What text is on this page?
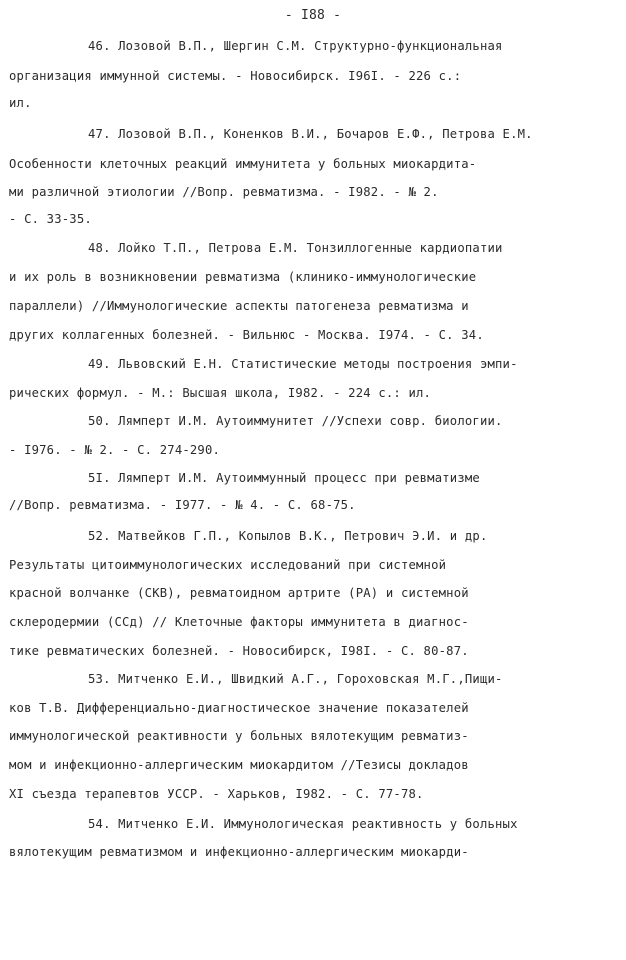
- I88 -
46. Лозовой В.П., Шергин С.М. Структурно-функциональная
организация иммунной системы. - Новосибирск. I96I. - 226 с.:
ил.
47. Лозовой В.П., Коненков В.И., Бочаров Е.Ф., Петрова Е.М.
Особенности клеточных реакций иммунитета у больных миокардита-
ми различной этиологии //Вопр. ревматизма. - I982. - № 2.
- С. 33-35.
48. Лойко Т.П., Петрова Е.М. Тонзиллогенные кардиопатии
и их роль в возникновении ревматизма (клинико-иммунологические
параллели) //Иммунологические аспекты патогенеза ревматизма и
других коллагенных болезней. - Вильнюс - Москва. I974. - С. 34.
49. Львовский Е.Н. Статистические методы построения эмпи-
рических формул. - М.: Высшая школа, I982. - 224 с.: ил.
50. Лямперт И.М. Аутоиммунитет //Успехи совр. биологии.
- I976. - № 2. - С. 274-290.
5I. Лямперт И.М. Аутоиммунный процесс при ревматизме
//Вопр. ревматизма. - I977. - № 4. - С. 68-75.
52. Матвейков Г.П., Копылов В.К., Петрович Э.И. и др.
Результаты цитоиммунологических исследований при системной
красной волчанке (СКВ), ревматоидном артрите (РА) и системной
склеродермии (ССд) // Клеточные факторы иммунитета в диагнос-
тике ревматических болезней. - Новосибирск, I98I. - С. 80-87.
53. Митченко Е.И., Швидкий А.Г., Гороховская М.Г.,Пищи-
ков Т.В. Дифференциально-диагностическое значение показателей
иммунологической реактивности у больных вялотекущим ревматиз-
мом и инфекционно-аллергическим миокардитом //Тезисы докладов
XI съезда терапевтов УССР. - Харьков, I982. - С. 77-78.
54. Митченко Е.И. Иммунологическая реактивность у больных
вялотекущим ревматизмом и инфекционно-аллергическим миокарди-
